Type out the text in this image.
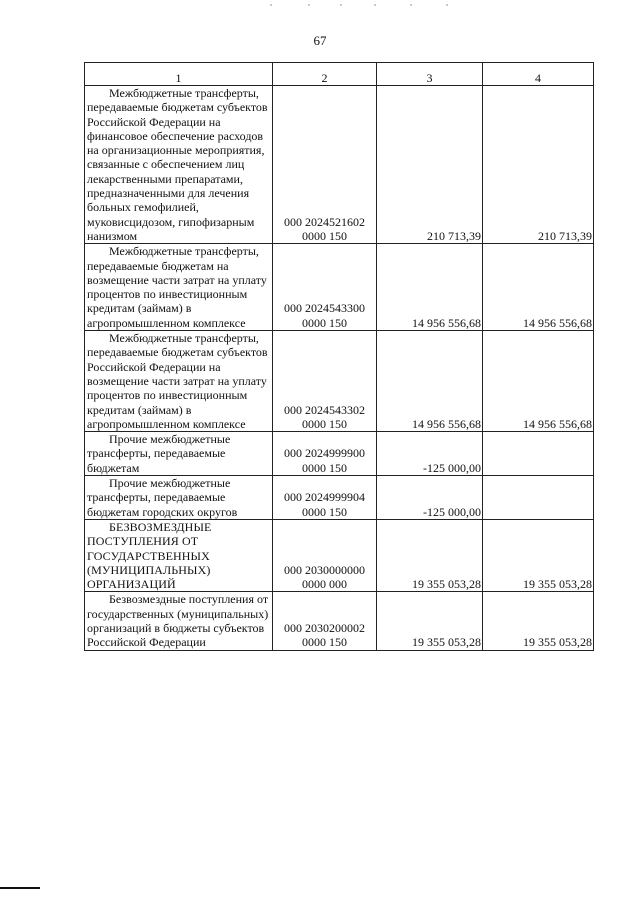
67
1	2	3	4

Межбюджетные трансферты, передаваемые бюджетам субъектов Российской Федерации на финансовое обеспечение расходов на организационные мероприятия, связанные с обеспечением лиц лекарственными препаратами, предназначенными для лечения больных гемофилией, муковисцидозом, гипофизарным нанизмом	000 2024521602
0000 150	210 713,39	210 713,39

Межбюджетные трансферты, передаваемые бюджетам на возмещение части затрат на уплату процентов по инвестиционным кредитам (займам) в агропромышленном комплексе	000 2024543300
0000 150	14 956 556,68	14 956 556,68

Межбюджетные трансферты, передаваемые бюджетам субъектов Российской Федерации на возмещение части затрат на уплату процентов по инвестиционным кредитам (займам) в агропромышленном комплексе	000 2024543302
0000 150	14 956 556,68	14 956 556,68

Прочие межбюджетные трансферты, передаваемые бюджетам	000 2024999900
0000 150	-125 000,00	

Прочие межбюджетные трансферты, передаваемые бюджетам городских округов	000 2024999904
0000 150	-125 000,00	

БЕЗВОЗМЕЗДНЫЕ ПОСТУПЛЕНИЯ ОТ ГОСУДАРСТВЕННЫХ (МУНИЦИПАЛЬНЫХ) ОРГАНИЗАЦИЙ	000 2030000000
0000 000	19 355 053,28	19 355 053,28

Безвозмездные поступления от государственных (муниципальных) организаций в бюджеты субъектов Российской Федерации	000 2030200002
0000 150	19 355 053,28	19 355 053,28
